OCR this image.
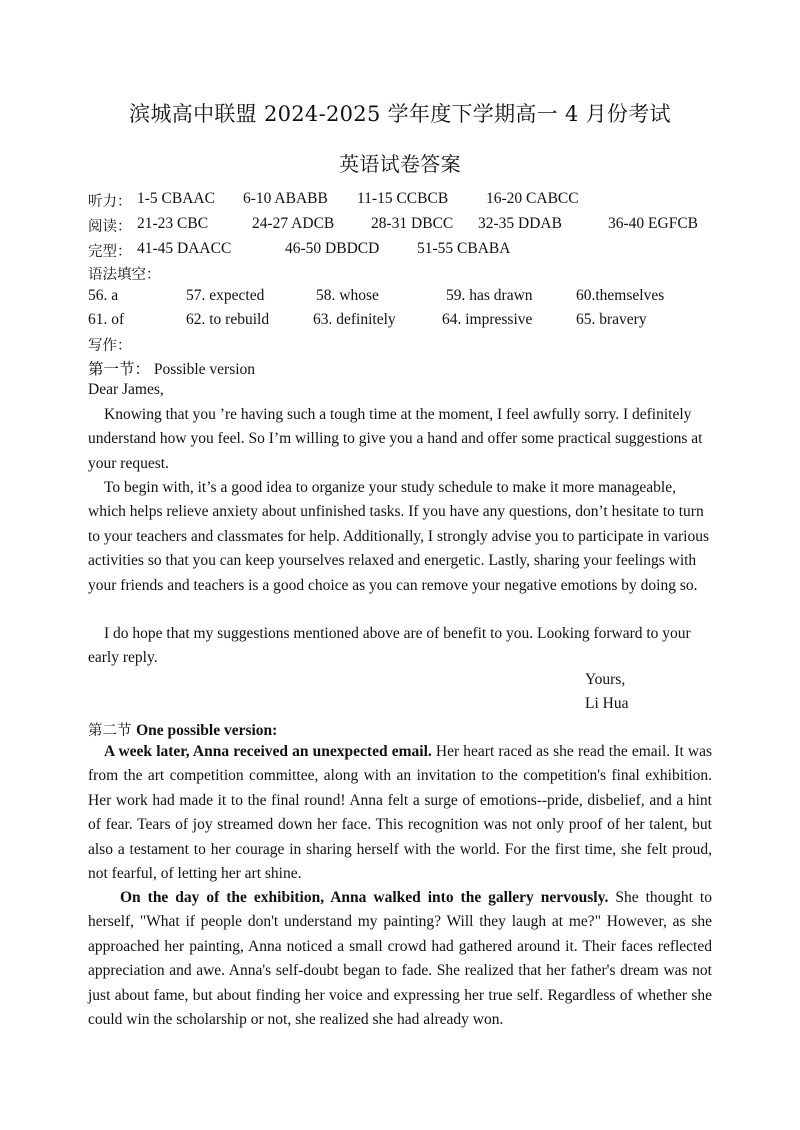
滨城高中联盟 2024-2025 学年度下学期高一 4 月份考试
英语试卷答案
听力： 1-5 CBAAC 6-10 ABABB 11-15 CCBCB 16-20 CABCC
阅读： 21-23 CBC	24-27 ADCB 28-31 DBCC 32-35 DDAB	36-40 EGFCB
完型： 41-45 DAACC	46-50 DBDCD 51-55 CBABA
语法填空：
56. a	57. expected	58. whose	59. has drawn	60.themselves
61. of	62. to rebuild	63. definitely	64. impressive	65. bravery
写作：
第一节： Possible version
Dear James,
Knowing that you ’re having such a tough time at the moment, I feel awfully sorry. I definitely understand how you feel. So I’m willing to give you a hand and offer some practical suggestions at your request.
To begin with, it’s a good idea to organize your study schedule to make it more manageable, which helps relieve anxiety about unfinished tasks. If you have any questions, don’t hesitate to turn to your teachers and classmates for help. Additionally, I strongly advise you to participate in various activities so that you can keep yourselves relaxed and energetic. Lastly, sharing your feelings with your friends and teachers is a good choice as you can remove your negative emotions by doing so.
I do hope that my suggestions mentioned above are of benefit to you. Looking forward to your early reply.
Yours,
Li Hua
第二节 One possible version:
A week later, Anna received an unexpected email. Her heart raced as she read the email. It was from the art competition committee, along with an invitation to the competition's final exhibition. Her work had made it to the final round! Anna felt a surge of emotions--pride, disbelief, and a hint of fear. Tears of joy streamed down her face. This recognition was not only proof of her talent, but also a testament to her courage in sharing herself with the world. For the first time, she felt proud, not fearful, of letting her art shine.
On the day of the exhibition, Anna walked into the gallery nervously. She thought to herself, "What if people don't understand my painting? Will they laugh at me?" However, as she approached her painting, Anna noticed a small crowd had gathered around it. Their faces reflected appreciation and awe. Anna's self-doubt began to fade. She realized that her father's dream was not just about fame, but about finding her voice and expressing her true self. Regardless of whether she could win the scholarship or not, she realized she had already won.
